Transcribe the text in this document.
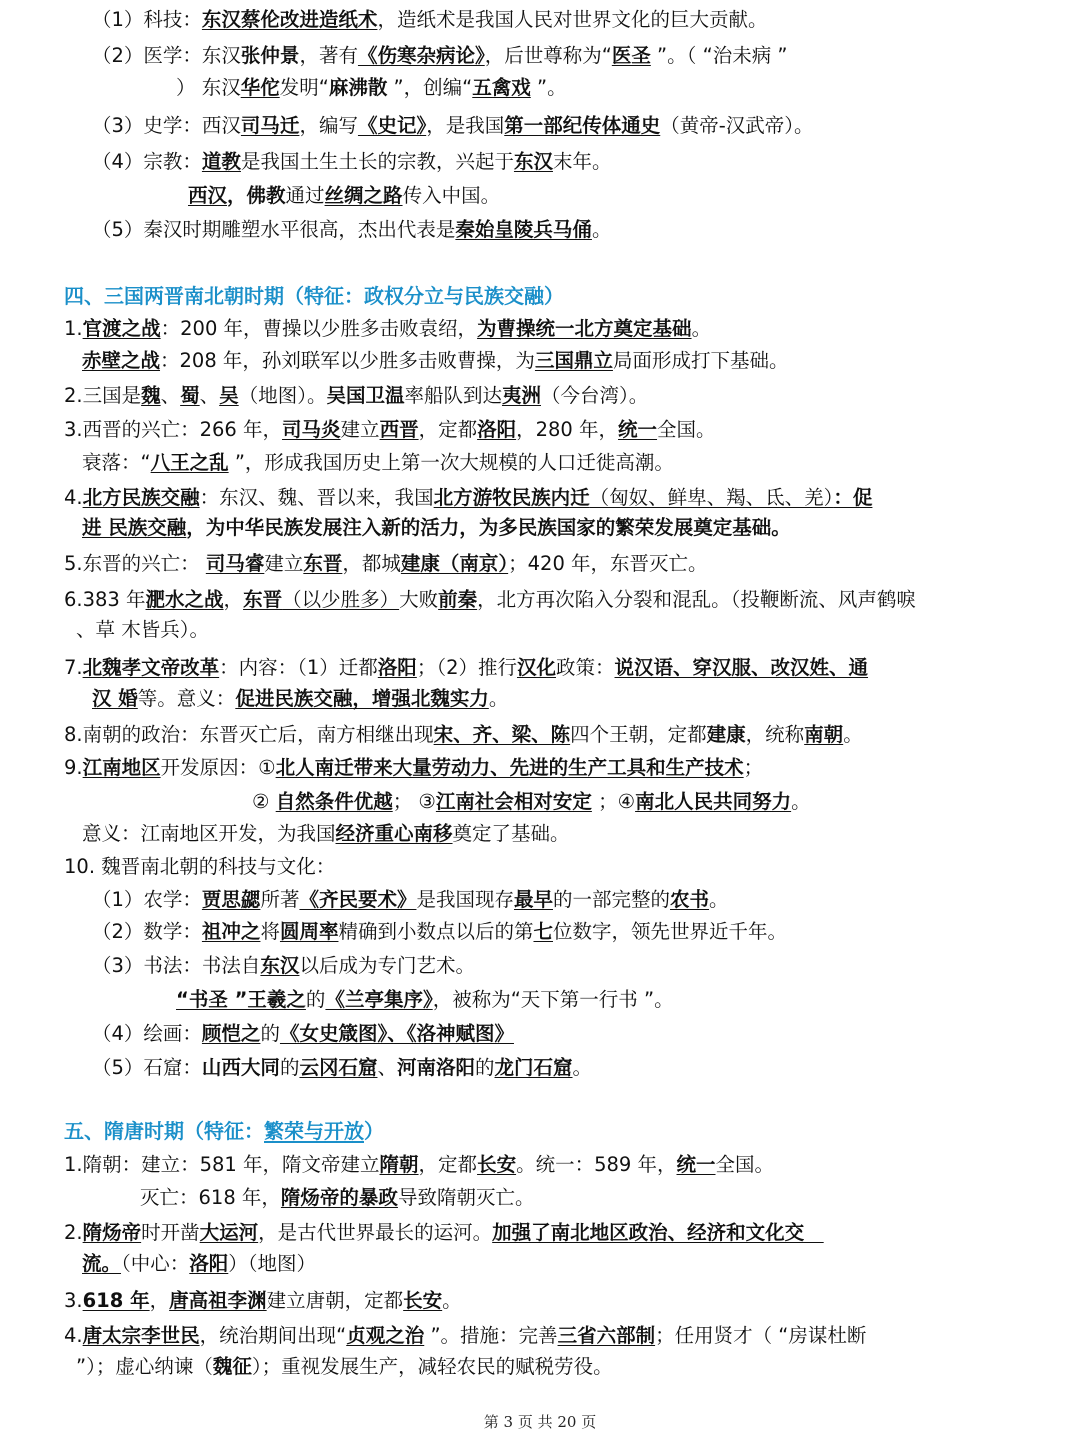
（1）科技：东汉蔡伦改进造纸术，造纸术是我国人民对世界文化的巨大贡献。
（2）医学：东汉张仲景，著有《伤寒杂病论》，后世尊称为“医圣 ”。（ “治未病 ”
） 东汉华佗发明“麻沸散 ”，创编“五禽戏 ”。
（3）史学：西汉司马迁，编写《史记》，是我国第一部纪传体通史（黄帝-汉武帝）。
（4）宗教：道教是我国土生土长的宗教，兴起于东汉末年。
西汉，佛教通过丝绸之路传入中国。
（5）秦汉时期雕塑水平很高，杰出代表是秦始皇陵兵马俑。
四、三国两晋南北朝时期（特征：政权分立与民族交融）
1.官渡之战：200 年，曹操以少胜多击败袁绍，为曹操统一北方奠定基础。
赤壁之战：208 年，孙刘联军以少胜多击败曹操，为三国鼎立局面形成打下基础。
2.三国是魏、蜀、吴（地图）。吴国卫温率船队到达夷洲（今台湾）。
3.西晋的兴亡：266 年，司马炎建立西晋，定都洛阳，280 年，统一全国。
衰落：“八王之乱 ”，形成我国历史上第一次大规模的人口迁徙高潮。
4.北方民族交融：东汉、魏、晋以来，我国北方游牧民族内迁（匈奴、鲜卑、羯、氐、羌）：促
进 民族交融，为中华民族发展注入新的活力，为多民族国家的繁荣发展奠定基础。
5.东晋的兴亡： 司马睿建立东晋，都城建康（南京）；420 年，东晋灭亡。
6.383 年淝水之战，东晋（以少胜多）大败前秦，北方再次陷入分裂和混乱。（投鞭断流、风声鹤唳
、草 木皆兵）。
7.北魏孝文帝改革：内容：（1）迁都洛阳；（2）推行汉化政策：说汉语、穿汉服、改汉姓、通
汉 婚等。意义：促进民族交融，增强北魏实力。
8.南朝的政治：东晋灭亡后，南方相继出现宋、齐、梁、陈四个王朝，定都建康，统称南朝。
9.江南地区开发原因：①北人南迁带来大量劳动力、先进的生产工具和生产技术；
② 自然条件优越； ③江南社会相对安定 ；④南北人民共同努力。
意义：江南地区开发，为我国经济重心南移奠定了基础。
10. 魏晋南北朝的科技与文化：
（1）农学：贾思勰所著《齐民要术》是我国现存最早的一部完整的农书。
（2）数学：祖冲之将圆周率精确到小数点以后的第七位数字，领先世界近千年。
（3）书法：书法自东汉以后成为专门艺术。
“书圣 ”王羲之的《兰亭集序》，被称为“天下第一行书 ”。
（4）绘画：顾恺之的《女史箴图》、《洛神赋图》
（5）石窟：山西大同的云冈石窟、河南洛阳的龙门石窟。
五、隋唐时期（特征：繁荣与开放）
1.隋朝：建立：581 年，隋文帝建立隋朝，定都长安。统一：589 年，统一全国。
灭亡：618 年，隋炀帝的暴政导致隋朝灭亡。
2.隋炀帝时开凿大运河，是古代世界最长的运河。加强了南北地区政治、经济和文化交　
流。（中心：洛阳）（地图）
3.618 年，唐高祖李渊建立唐朝，定都长安。
4.唐太宗李世民，统治期间出现“贞观之治 ”。措施：完善三省六部制；任用贤才（ “房谋杜断
”）；虚心纳谏（魏征）；重视发展生产，减轻农民的赋税劳役。
第 3 页 共 20 页
